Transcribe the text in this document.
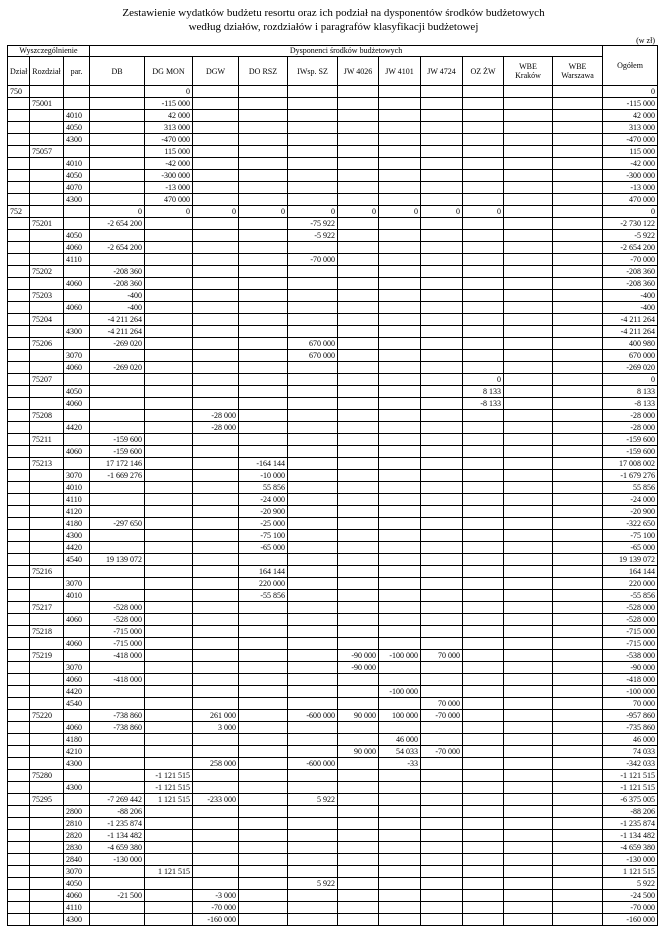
Zestawienie wydatków budżetu resortu oraz ich podział na dysponentów środków budżetowych
według działów, rozdziałów i paragrafów klasyfikacji budżetowej
(w zł)
Wyszczególnienie			Dysponenci środków budżetowych											Ogółem
Dział	Rozdział	par.	DB	DG MON	DGW	DO RSZ	IWsp. SZ	JW 4026	JW 4101	JW 4724	OZ ŻW	WBE Kraków	WBE Warszawa	
750				0										0
	75001			-115 000										-115 000
		4010		42 000										42 000
		4050		313 000										313 000
		4300		-470 000										-470 000
	75057			115 000										115 000
		4010		-42 000										-42 000
		4050		-300 000										-300 000
		4070		-13 000										-13 000
		4300		470 000										470 000
752			0	0	0	0	0	0	0	0	0			0
	75201		-2 654 200				-75 922							-2 730 122
		4050					-5 922							-5 922
		4060	-2 654 200											-2 654 200
		4110					-70 000							-70 000
	75202		-208 360											-208 360
		4060	-208 360											-208 360
	75203		-400											-400
		4060	-400											-400
	75204		-4 211 264											-4 211 264
		4300	-4 211 264											-4 211 264
	75206		-269 020				670 000							400 980
		3070					670 000							670 000
		4060	-269 020											-269 020
	75207										0			0
		4050									8 133			8 133
		4060									-8 133			-8 133
	75208				-28 000									-28 000
		4420			-28 000									-28 000
	75211		-159 600											-159 600
		4060	-159 600											-159 600
	75213		17 172 146			-164 144								17 008 002
		3070	-1 669 276			-10 000								-1 679 276
		4010				55 856								55 856
		4110				-24 000								-24 000
		4120				-20 900								-20 900
		4180	-297 650			-25 000								-322 650
		4300				-75 100								-75 100
		4420				-65 000								-65 000
		4540	19 139 072											19 139 072
	75216					164 144								164 144
		3070				220 000								220 000
		4010				-55 856								-55 856
	75217		-528 000											-528 000
		4060	-528 000											-528 000
	75218		-715 000											-715 000
		4060	-715 000											-715 000
	75219		-418 000					-90 000	-100 000	70 000				-538 000
		3070						-90 000						-90 000
		4060	-418 000											-418 000
		4420							-100 000					-100 000
		4540								70 000				70 000
	75220		-738 860		261 000		-600 000	90 000	100 000	-70 000				-957 860
		4060	-738 860		3 000									-735 860
		4180							46 000					46 000
		4210						90 000	54 033	-70 000				74 033
		4300			258 000		-600 000		-33					-342 033
	75280			-1 121 515										-1 121 515
		4300		-1 121 515										-1 121 515
	75295		-7 269 442	1 121 515	-233 000		5 922							-6 375 005
		2800	-88 206											-88 206
		2810	-1 235 874											-1 235 874
		2820	-1 134 482											-1 134 482
		2830	-4 659 380											-4 659 380
		2840	-130 000											-130 000
		3070		1 121 515										1 121 515
		4050					5 922							5 922
		4060	-21 500		-3 000									-24 500
		4110			-70 000									-70 000
		4300			-160 000									-160 000
